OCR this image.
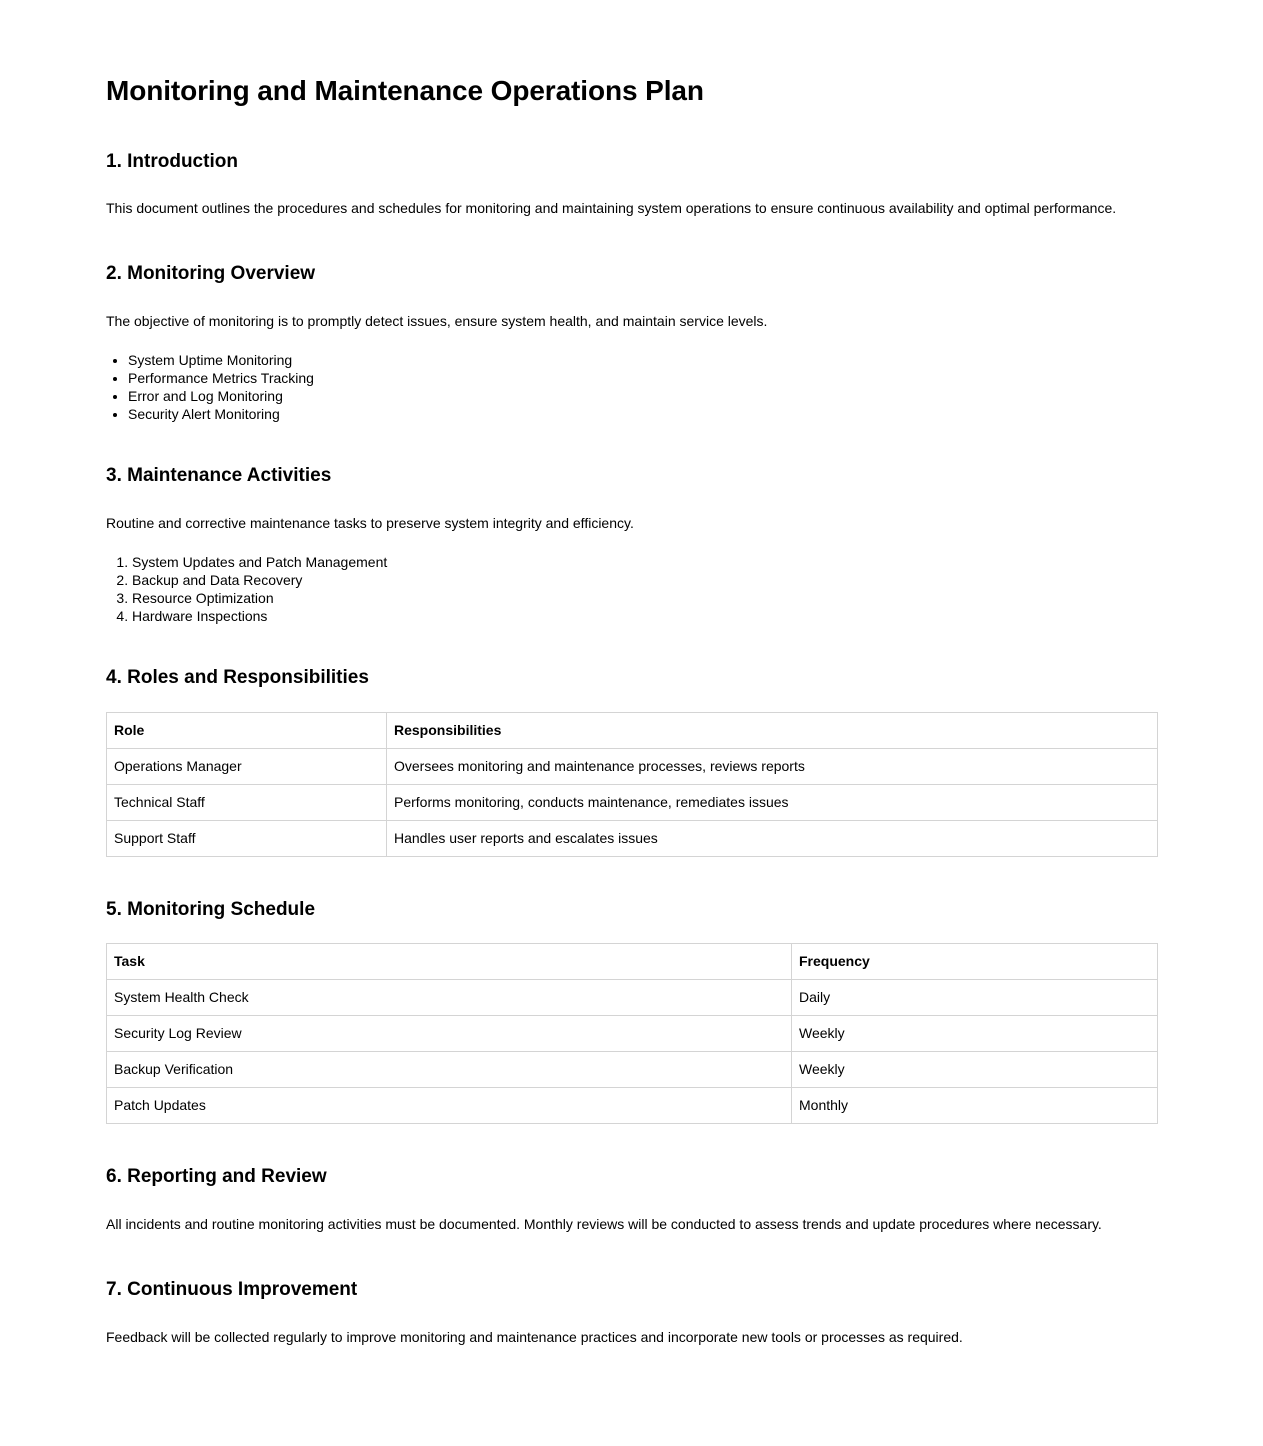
Monitoring and Maintenance Operations Plan
1. Introduction

This document outlines the procedures and schedules for monitoring and maintaining system operations to ensure continuous availability and optimal performance.

2. Monitoring Overview

The objective of monitoring is to promptly detect issues, ensure system health, and maintain service levels.

• System Uptime Monitoring
• Performance Metrics Tracking
• Error and Log Monitoring
• Security Alert Monitoring
3. Maintenance Activities

Routine and corrective maintenance tasks to preserve system integrity and efficiency.

1. System Updates and Patch Management
2. Backup and Data Recovery
3. Resource Optimization
4. Hardware Inspections
4. Roles and Responsibilities
Role	Responsibilities
Operations Manager	Oversees monitoring and maintenance processes, reviews reports
Technical Staff	Performs monitoring, conducts maintenance, remediates issues
Support Staff	Handles user reports and escalates issues
5. Monitoring Schedule
Task	Frequency
System Health Check	Daily
Security Log Review	Weekly
Backup Verification	Weekly
Patch Updates	Monthly
6. Reporting and Review

All incidents and routine monitoring activities must be documented. Monthly reviews will be conducted to assess trends and update procedures where necessary.

7. Continuous Improvement

Feedback will be collected regularly to improve monitoring and maintenance practices and incorporate new tools or processes as required.
